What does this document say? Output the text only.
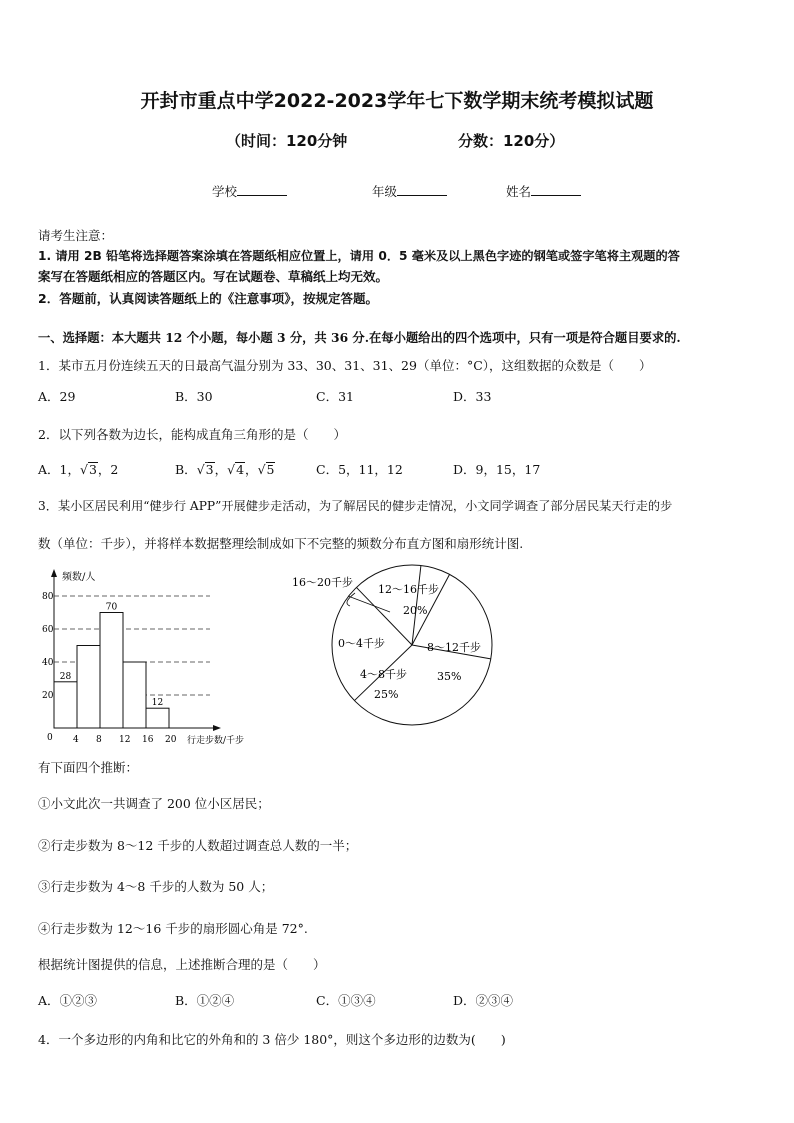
开封市重点中学2022-2023学年七下数学期末统考模拟试题
（时间：120分钟	分数：120分）
学校	年级	姓名
请考生注意：
1. 请用 2B 铅笔将选择题答案涂填在答题纸相应位置上，请用 0．5 毫米及以上黑色字迹的钢笔或签字笔将主观题的答
案写在答题纸相应的答题区内。写在试题卷、草稿纸上均无效。
2．答题前，认真阅读答题纸上的《注意事项》，按规定答题。
一、选择题：本大题共 12 个小题，每小题 3 分，共 36 分.在每小题给出的四个选项中，只有一项是符合题目要求的.
1．某市五月份连续五天的日最高气温分别为 33、30、31、31、29（单位：°C），这组数据的众数是（　　）
A．29	B．30	C．31	D．33
2．以下列各数为边长，能构成直角三角形的是（　　）
A．1，√3，2	B．√3，√4，√5	C．5，11，12	D．9，15，17
3．某小区居民利用“健步行 APP”开展健步走活动，为了解居民的健步走情况，小文同学调查了部分居民某天行走的步
数（单位：千步），并将样本数据整理绘制成如下不完整的频数分布直方图和扇形统计图.
频数/人
行走步数/千步
0
20
40
60
80
4 8 12 16 20
28
70
12
16～20千步
12～16千步
20%
8～12千步
35%
0～4千步
4～8千步
25%
有下面四个推断：
①小文此次一共调查了 200 位小区居民；
②行走步数为 8～12 千步的人数超过调查总人数的一半；
③行走步数为 4～8 千步的人数为 50 人；
④行走步数为 12～16 千步的扇形圆心角是 72°.
根据统计图提供的信息，上述推断合理的是（　　）
A．①②③	B．①②④	C．①③④	D．②③④
4．一个多边形的内角和比它的外角和的 3 倍少 180°，则这个多边形的边数为(　　)
